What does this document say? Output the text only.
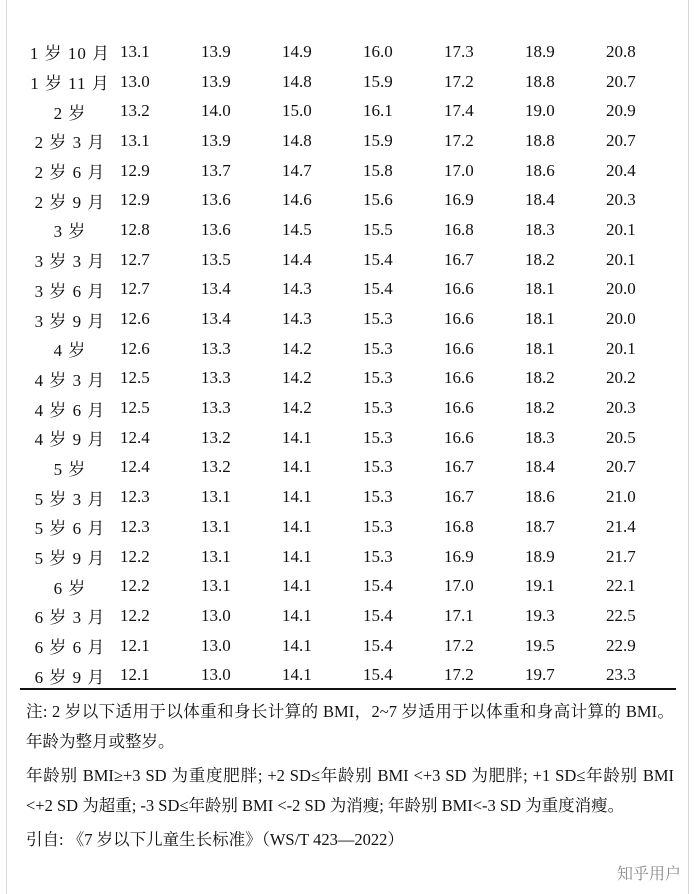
1 岁 10 月	13.1	13.9	14.9	16.0	17.3	18.9	20.8
1 岁 11 月	13.0	13.9	14.8	15.9	17.2	18.8	20.7
2 岁	13.2	14.0	15.0	16.1	17.4	19.0	20.9
2 岁 3 月	13.1	13.9	14.8	15.9	17.2	18.8	20.7
2 岁 6 月	12.9	13.7	14.7	15.8	17.0	18.6	20.4
2 岁 9 月	12.9	13.6	14.6	15.6	16.9	18.4	20.3
3 岁	12.8	13.6	14.5	15.5	16.8	18.3	20.1
3 岁 3 月	12.7	13.5	14.4	15.4	16.7	18.2	20.1
3 岁 6 月	12.7	13.4	14.3	15.4	16.6	18.1	20.0
3 岁 9 月	12.6	13.4	14.3	15.3	16.6	18.1	20.0
4 岁	12.6	13.3	14.2	15.3	16.6	18.1	20.1
4 岁 3 月	12.5	13.3	14.2	15.3	16.6	18.2	20.2
4 岁 6 月	12.5	13.3	14.2	15.3	16.6	18.2	20.3
4 岁 9 月	12.4	13.2	14.1	15.3	16.6	18.3	20.5
5 岁	12.4	13.2	14.1	15.3	16.7	18.4	20.7
5 岁 3 月	12.3	13.1	14.1	15.3	16.7	18.6	21.0
5 岁 6 月	12.3	13.1	14.1	15.3	16.8	18.7	21.4
5 岁 9 月	12.2	13.1	14.1	15.3	16.9	18.9	21.7
6 岁	12.2	13.1	14.1	15.4	17.0	19.1	22.1
6 岁 3 月	12.2	13.0	14.1	15.4	17.1	19.3	22.5
6 岁 6 月	12.1	13.0	14.1	15.4	17.2	19.5	22.9
6 岁 9 月	12.1	13.0	14.1	15.4	17.2	19.7	23.3

注: 2 岁以下适用于以体重和身长计算的 BMI，2~7 岁适用于以体重和身高计算的 BMI。年龄为整月或整岁。

年龄别 BMI≥+3 SD 为重度肥胖; +2 SD≤年龄别 BMI <+3 SD 为肥胖; +1 SD≤年龄别 BMI <+2 SD 为超重; -3 SD≤年龄别 BMI <-2 SD 为消瘦; 年龄别 BMI<-3 SD 为重度消瘦。

引自: 《7 岁以下儿童生长标准》（WS/T 423—2022）

知乎用户
